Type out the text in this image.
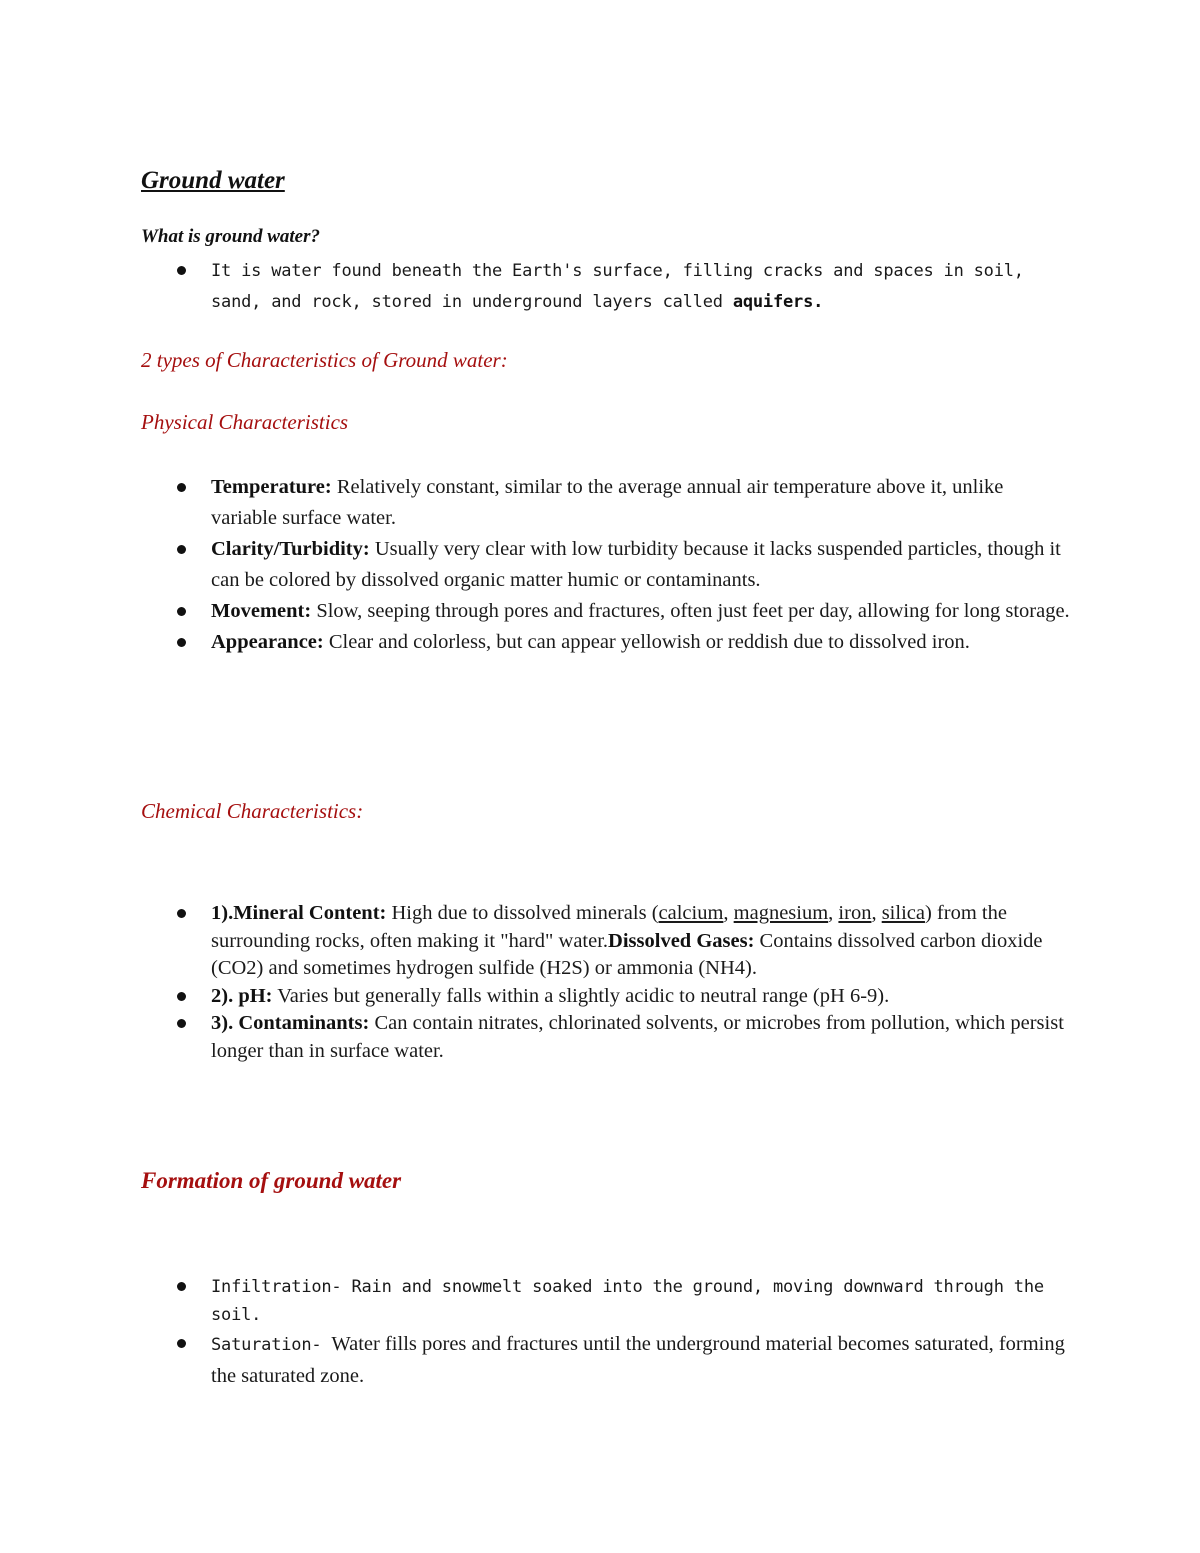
Ground water
What is ground water?
It is water found beneath the Earth's surface, filling cracks and spaces in soil, sand, and rock, stored in underground layers called aquifers.
2 types of Characteristics of Ground water:
Physical Characteristics
Temperature: Relatively constant, similar to the average annual air temperature above it, unlike variable surface water.
Clarity/Turbidity: Usually very clear with low turbidity because it lacks suspended particles, though it can be colored by dissolved organic matter humic or contaminants.
Movement: Slow, seeping through pores and fractures, often just feet per day, allowing for long storage.
Appearance: Clear and colorless, but can appear yellowish or reddish due to dissolved iron.
Chemical Characteristics:
1).Mineral Content: High due to dissolved minerals (calcium, magnesium, iron, silica) from the surrounding rocks, often making it "hard" water.Dissolved Gases: Contains dissolved carbon dioxide (CO2) and sometimes hydrogen sulfide (H2S) or ammonia (NH4).
2). pH: Varies but generally falls within a slightly acidic to neutral range (pH 6-9).
3). Contaminants: Can contain nitrates, chlorinated solvents, or microbes from pollution, which persist longer than in surface water.
Formation of ground water
Infiltration- Rain and snowmelt soaked into the ground, moving downward through the soil.
Saturation- Water fills pores and fractures until the underground material becomes saturated, forming the saturated zone.
